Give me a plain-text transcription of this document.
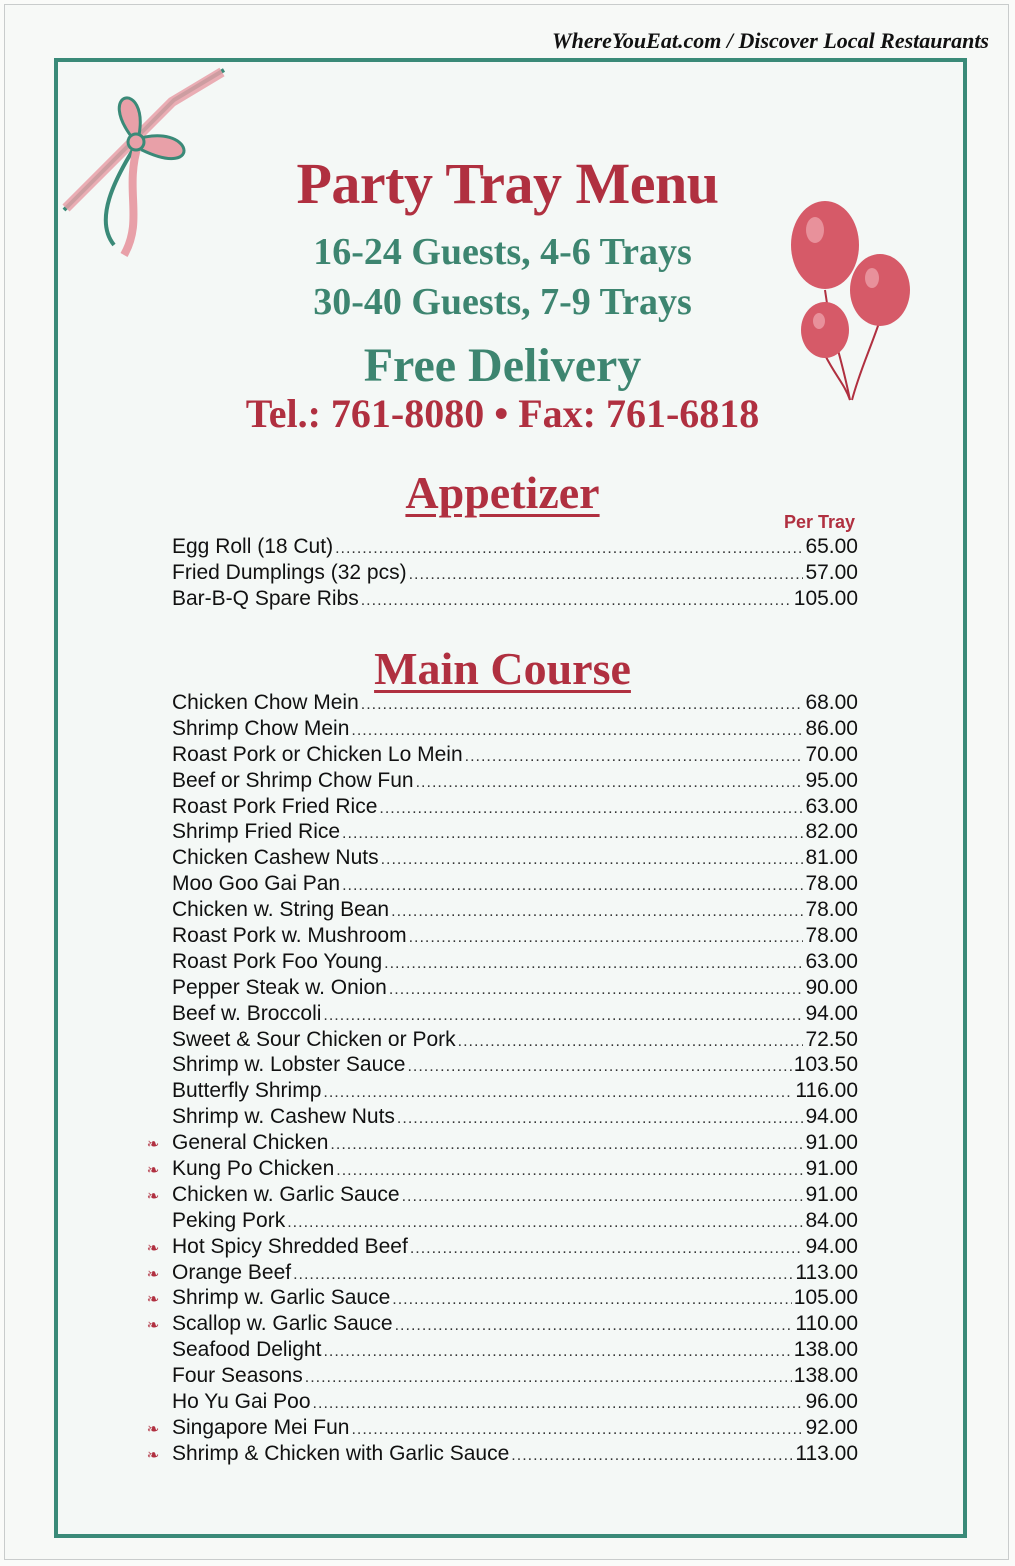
WhereYouEat.com / Discover Local Restaurants
Party Tray Menu
16-24 Guests, 4-6 Trays
30-40 Guests, 7-9 Trays
Free Delivery
Tel.: 761-8080 • Fax: 761-6818
Appetizer
Per Tray
Egg Roll (18 Cut) .....	65.00
Fried Dumplings (32 pcs) .....	57.00
Bar-B-Q Spare Ribs .....	105.00
Main Course
Chicken Chow Mein .....	68.00
Shrimp Chow Mein .....	86.00
Roast Pork or Chicken Lo Mein .....	70.00
Beef or Shrimp Chow Fun .....	95.00
Roast Pork Fried Rice .....	63.00
Shrimp Fried Rice .....	82.00
Chicken Cashew Nuts .....	81.00
Moo Goo Gai Pan .....	78.00
Chicken w. String Bean .....	78.00
Roast Pork w. Mushroom .....	78.00
Roast Pork Foo Young .....	63.00
Pepper Steak w. Onion .....	90.00
Beef w. Broccoli .....	94.00
Sweet & Sour Chicken or Pork .....	72.50
Shrimp w. Lobster Sauce .....	103.50
Butterfly Shrimp .....	116.00
Shrimp w. Cashew Nuts .....	94.00
❧ General Chicken .....	91.00
❧ Kung Po Chicken .....	91.00
❧ Chicken w. Garlic Sauce .....	91.00
Peking Pork .....	84.00
❧ Hot Spicy Shredded Beef .....	94.00
❧ Orange Beef .....	113.00
❧ Shrimp w. Garlic Sauce .....	105.00
❧ Scallop w. Garlic Sauce .....	110.00
Seafood Delight .....	138.00
Four Seasons .....	138.00
Ho Yu Gai Poo .....	96.00
❧ Singapore Mei Fun .....	92.00
❧ Shrimp & Chicken with Garlic Sauce .....	113.00
